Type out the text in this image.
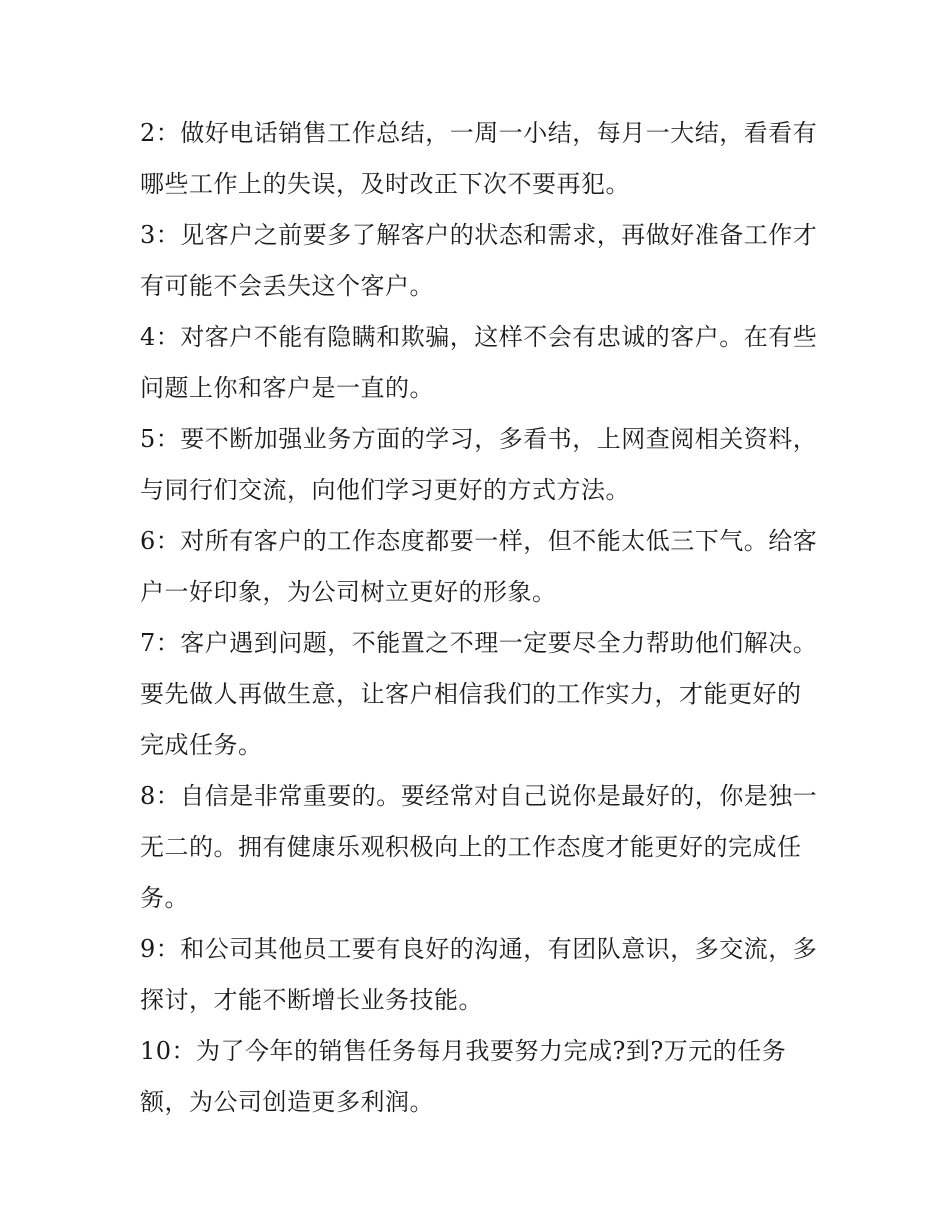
2：做好电话销售工作总结，一周一小结，每月一大结，看看有哪些工作上的失误，及时改正下次不要再犯。

3：见客户之前要多了解客户的状态和需求，再做好准备工作才有可能不会丢失这个客户。

4：对客户不能有隐瞒和欺骗，这样不会有忠诚的客户。在有些问题上你和客户是一直的。

5：要不断加强业务方面的学习，多看书，上网查阅相关资料，与同行们交流，向他们学习更好的方式方法。

6：对所有客户的工作态度都要一样，但不能太低三下气。给客户一好印象，为公司树立更好的形象。

7：客户遇到问题，不能置之不理一定要尽全力帮助他们解决。要先做人再做生意，让客户相信我们的工作实力，才能更好的完成任务。

8：自信是非常重要的。要经常对自己说你是最好的，你是独一无二的。拥有健康乐观积极向上的工作态度才能更好的完成任务。

9：和公司其他员工要有良好的沟通，有团队意识，多交流，多探讨，才能不断增长业务技能。

10：为了今年的销售任务每月我要努力完成?到?万元的任务额，为公司创造更多利润。
